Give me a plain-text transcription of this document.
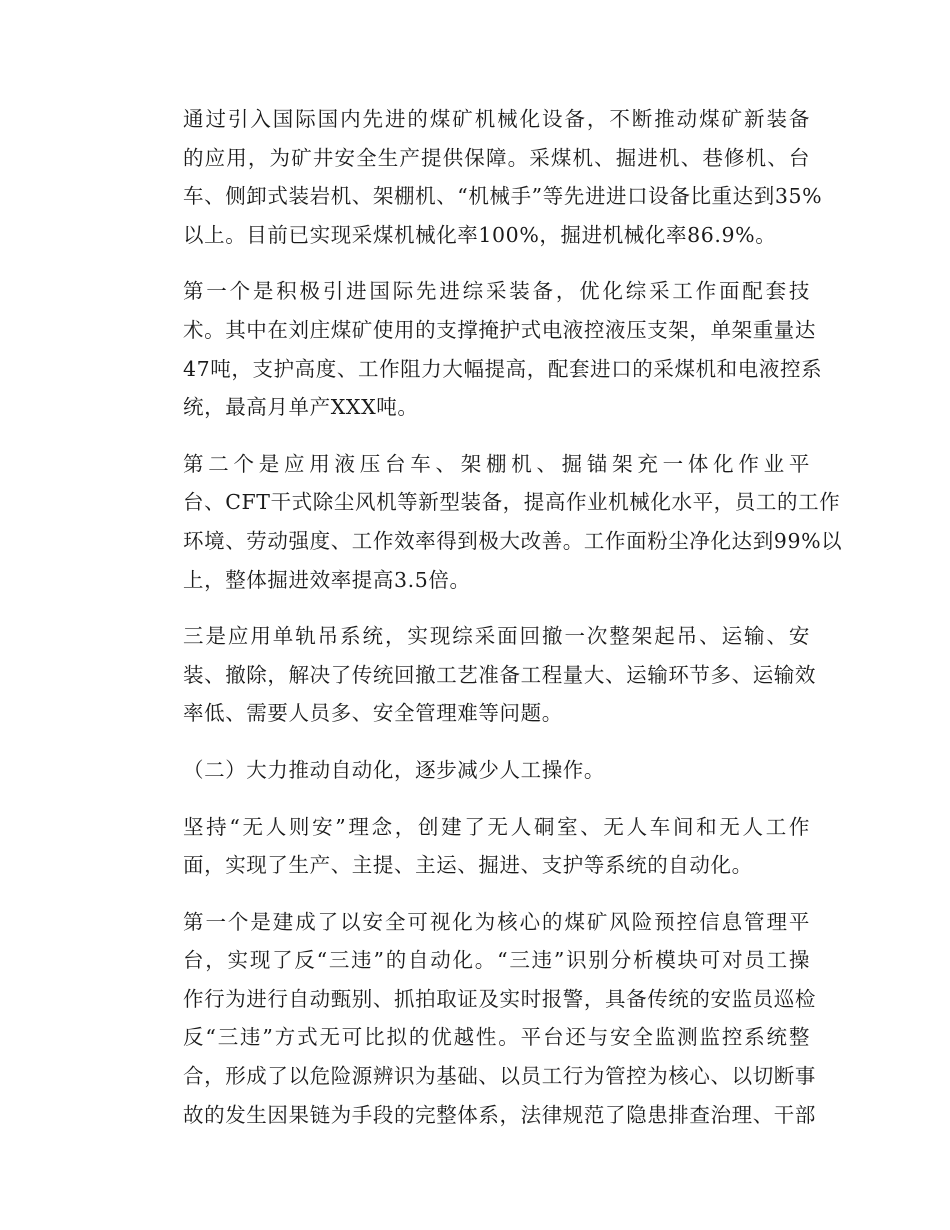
通过引入国际国内先进的煤矿机械化设备，不断推动煤矿新装备
的应用，为矿井安全生产提供保障。采煤机、掘进机、巷修机、台
车、侧卸式装岩机、架棚机、“机械手”等先进进口设备比重达到35%
以上。目前已实现采煤机械化率100%，掘进机械化率86.9%。
第一个是积极引进国际先进综采装备，优化综采工作面配套技
术。其中在刘庄煤矿使用的支撑掩护式电液控液压支架，单架重量达
47吨，支护高度、工作阻力大幅提高，配套进口的采煤机和电液控系
统，最高月单产XXX吨。
第二个是应用液压台车、架棚机、掘锚架充一体化作业平
台、CFT干式除尘风机等新型装备，提高作业机械化水平，员工的工作
环境、劳动强度、工作效率得到极大改善。工作面粉尘净化达到99%以
上，整体掘进效率提高3.5倍。
三是应用单轨吊系统，实现综采面回撤一次整架起吊、运输、安
装、撤除，解决了传统回撤工艺准备工程量大、运输环节多、运输效
率低、需要人员多、安全管理难等问题。
（二）大力推动自动化，逐步减少人工操作。
坚持“无人则安”理念，创建了无人硐室、无人车间和无人工作
面，实现了生产、主提、主运、掘进、支护等系统的自动化。
第一个是建成了以安全可视化为核心的煤矿风险预控信息管理平
台，实现了反“三违”的自动化。“三违”识别分析模块可对员工操
作行为进行自动甄别、抓拍取证及实时报警，具备传统的安监员巡检
反“三违”方式无可比拟的优越性。平台还与安全监测监控系统整
合，形成了以危险源辨识为基础、以员工行为管控为核心、以切断事
故的发生因果链为手段的完整体系，法律规范了隐患排查治理、干部
